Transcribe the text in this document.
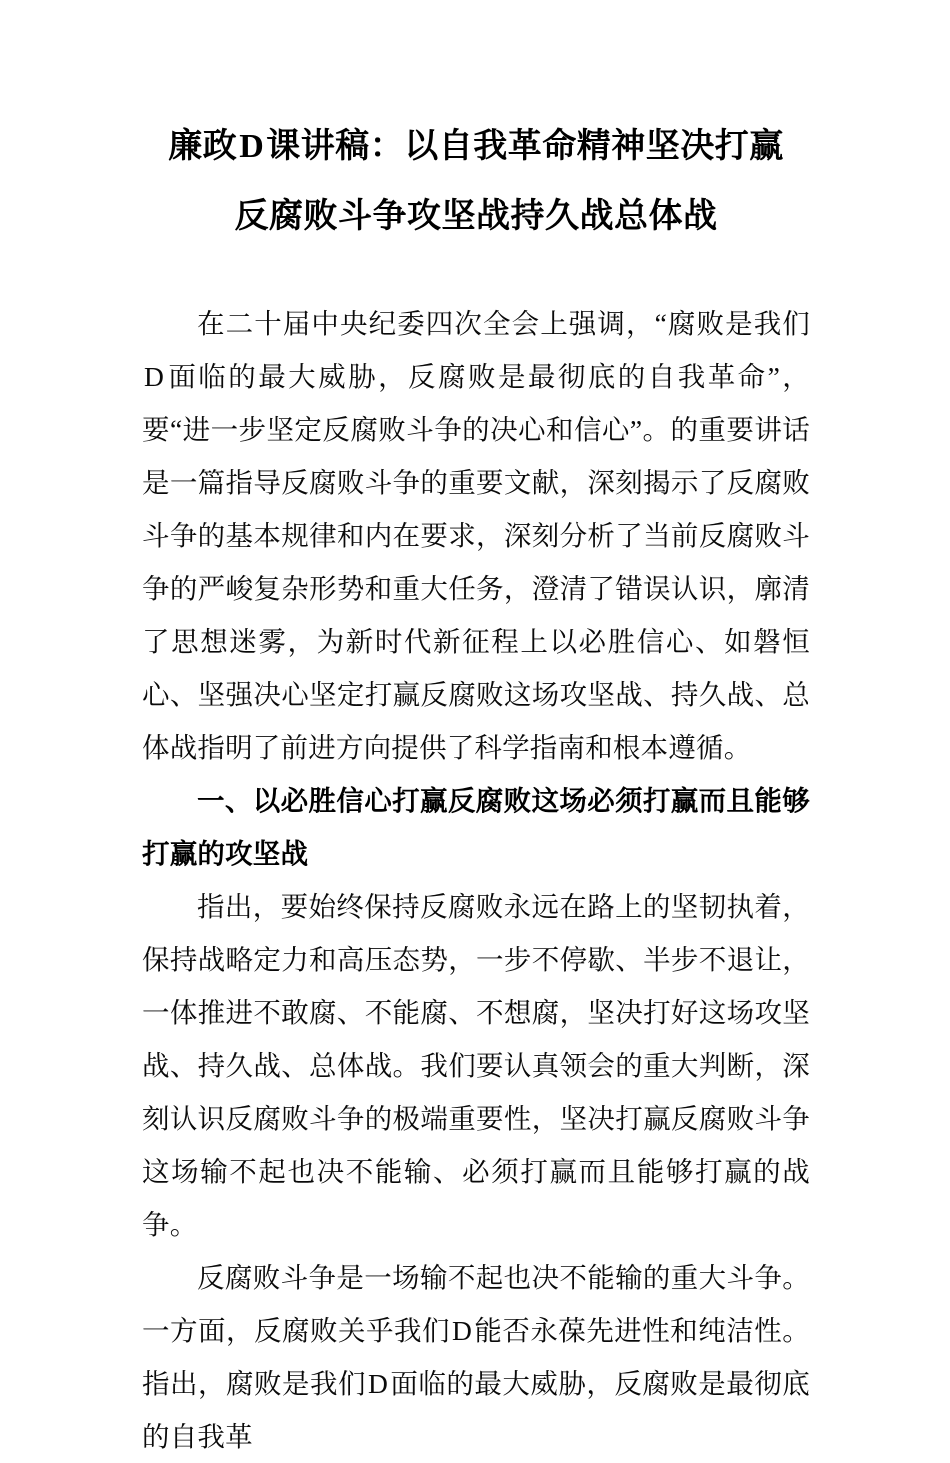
廉政D课讲稿：以自我革命精神坚决打赢
反腐败斗争攻坚战持久战总体战

在二十届中央纪委四次全会上强调，“腐败是我们D面临的最大威胁，反腐败是最彻底的自我革命”，要“进一步坚定反腐败斗争的决心和信心”。的重要讲话是一篇指导反腐败斗争的重要文献，深刻揭示了反腐败斗争的基本规律和内在要求，深刻分析了当前反腐败斗争的严峻复杂形势和重大任务，澄清了错误认识，廓清了思想迷雾，为新时代新征程上以必胜信心、如磐恒心、坚强决心坚定打赢反腐败这场攻坚战、持久战、总体战指明了前进方向提供了科学指南和根本遵循。

一、以必胜信心打赢反腐败这场必须打赢而且能够打赢的攻坚战

指出，要始终保持反腐败永远在路上的坚韧执着，保持战略定力和高压态势，一步不停歇、半步不退让，一体推进不敢腐、不能腐、不想腐，坚决打好这场攻坚战、持久战、总体战。我们要认真领会的重大判断，深刻认识反腐败斗争的极端重要性，坚决打赢反腐败斗争这场输不起也决不能输、必须打赢而且能够打赢的战争。

反腐败斗争是一场输不起也决不能输的重大斗争。一方面，反腐败关乎我们D能否永葆先进性和纯洁性。指出，腐败是我们D面临的最大威胁，反腐败是最彻底的自我革
